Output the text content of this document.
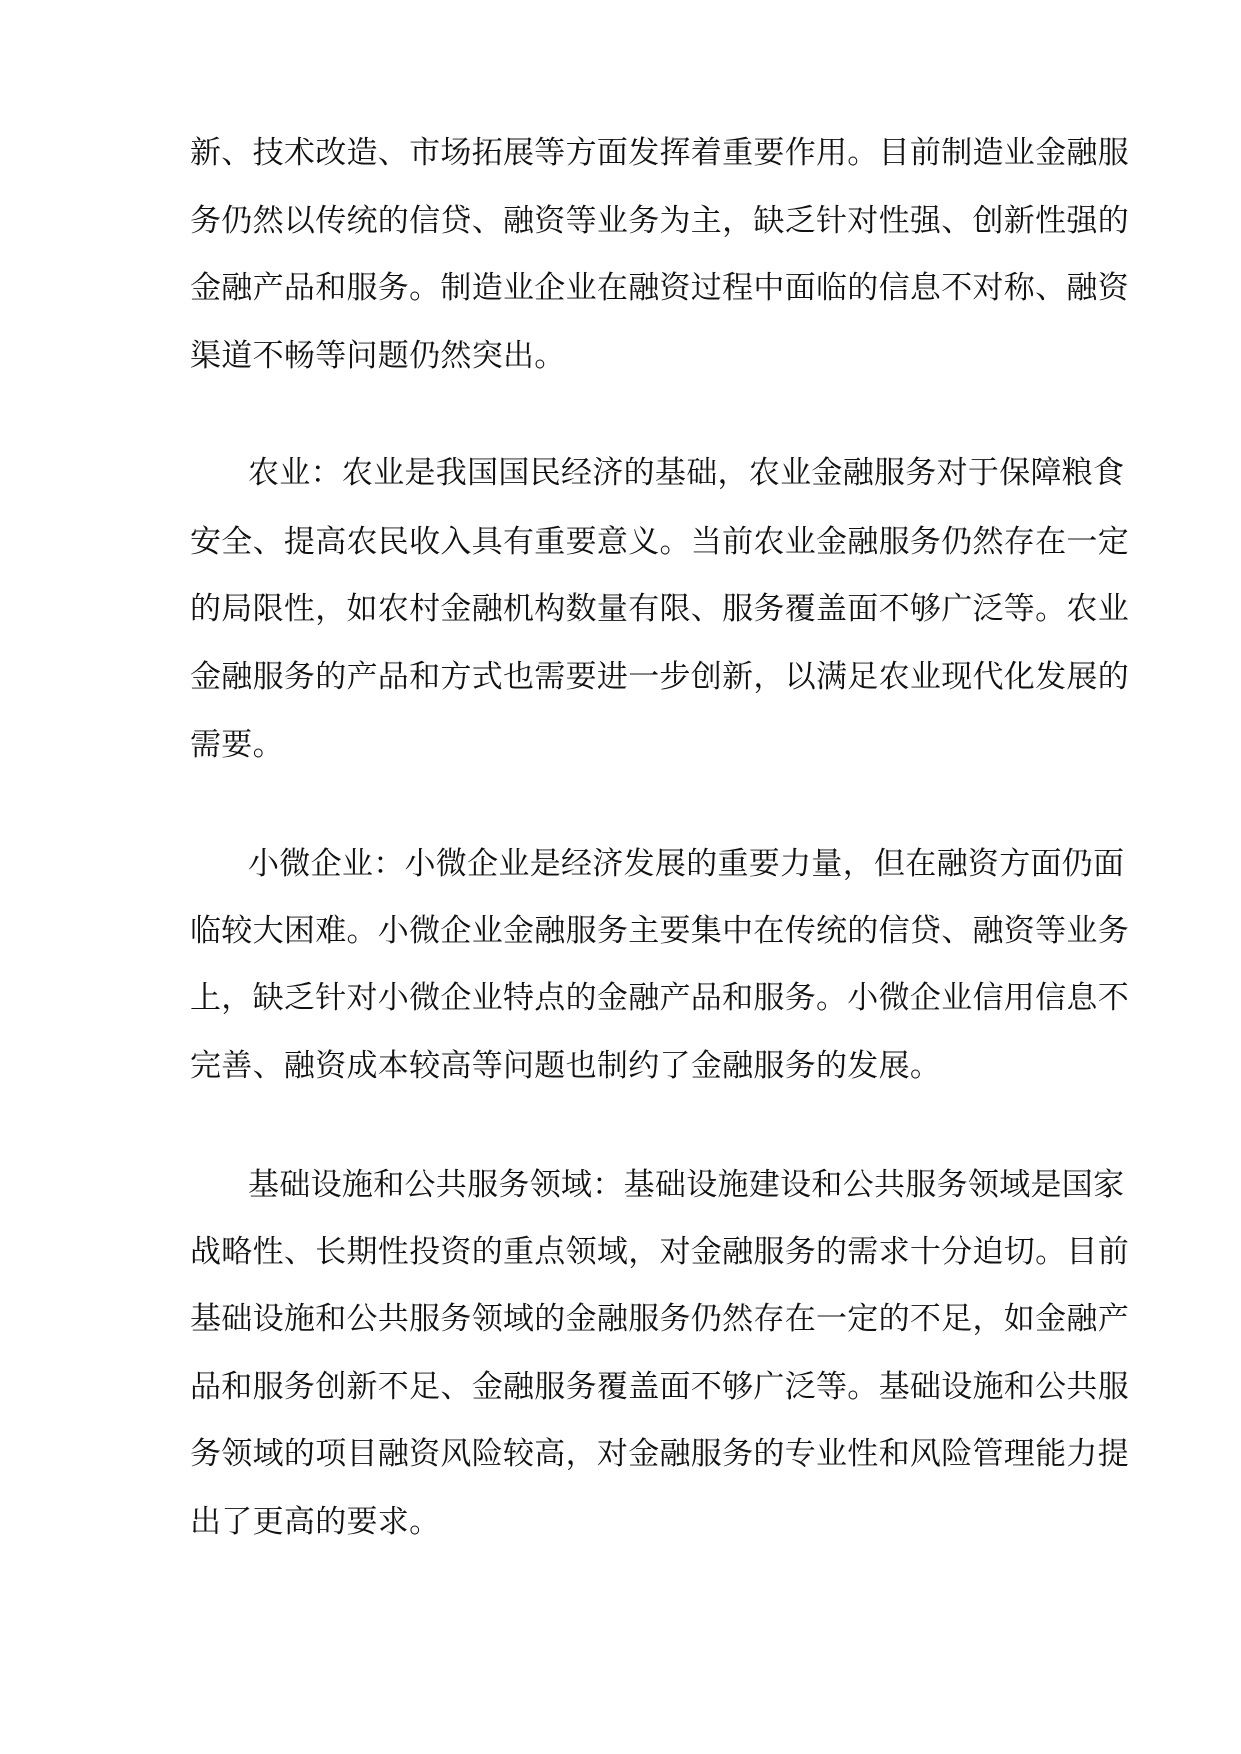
新、技术改造、市场拓展等方面发挥着重要作用。目前制造业金融服
务仍然以传统的信贷、融资等业务为主，缺乏针对性强、创新性强的
金融产品和服务。制造业企业在融资过程中面临的信息不对称、融资
渠道不畅等问题仍然突出。
农业：农业是我国国民经济的基础，农业金融服务对于保障粮食
安全、提高农民收入具有重要意义。当前农业金融服务仍然存在一定
的局限性，如农村金融机构数量有限、服务覆盖面不够广泛等。农业
金融服务的产品和方式也需要进一步创新，以满足农业现代化发展的
需要。
小微企业：小微企业是经济发展的重要力量，但在融资方面仍面
临较大困难。小微企业金融服务主要集中在传统的信贷、融资等业务
上，缺乏针对小微企业特点的金融产品和服务。小微企业信用信息不
完善、融资成本较高等问题也制约了金融服务的发展。
基础设施和公共服务领域：基础设施建设和公共服务领域是国家
战略性、长期性投资的重点领域，对金融服务的需求十分迫切。目前
基础设施和公共服务领域的金融服务仍然存在一定的不足，如金融产
品和服务创新不足、金融服务覆盖面不够广泛等。基础设施和公共服
务领域的项目融资风险较高，对金融服务的专业性和风险管理能力提
出了更高的要求。
